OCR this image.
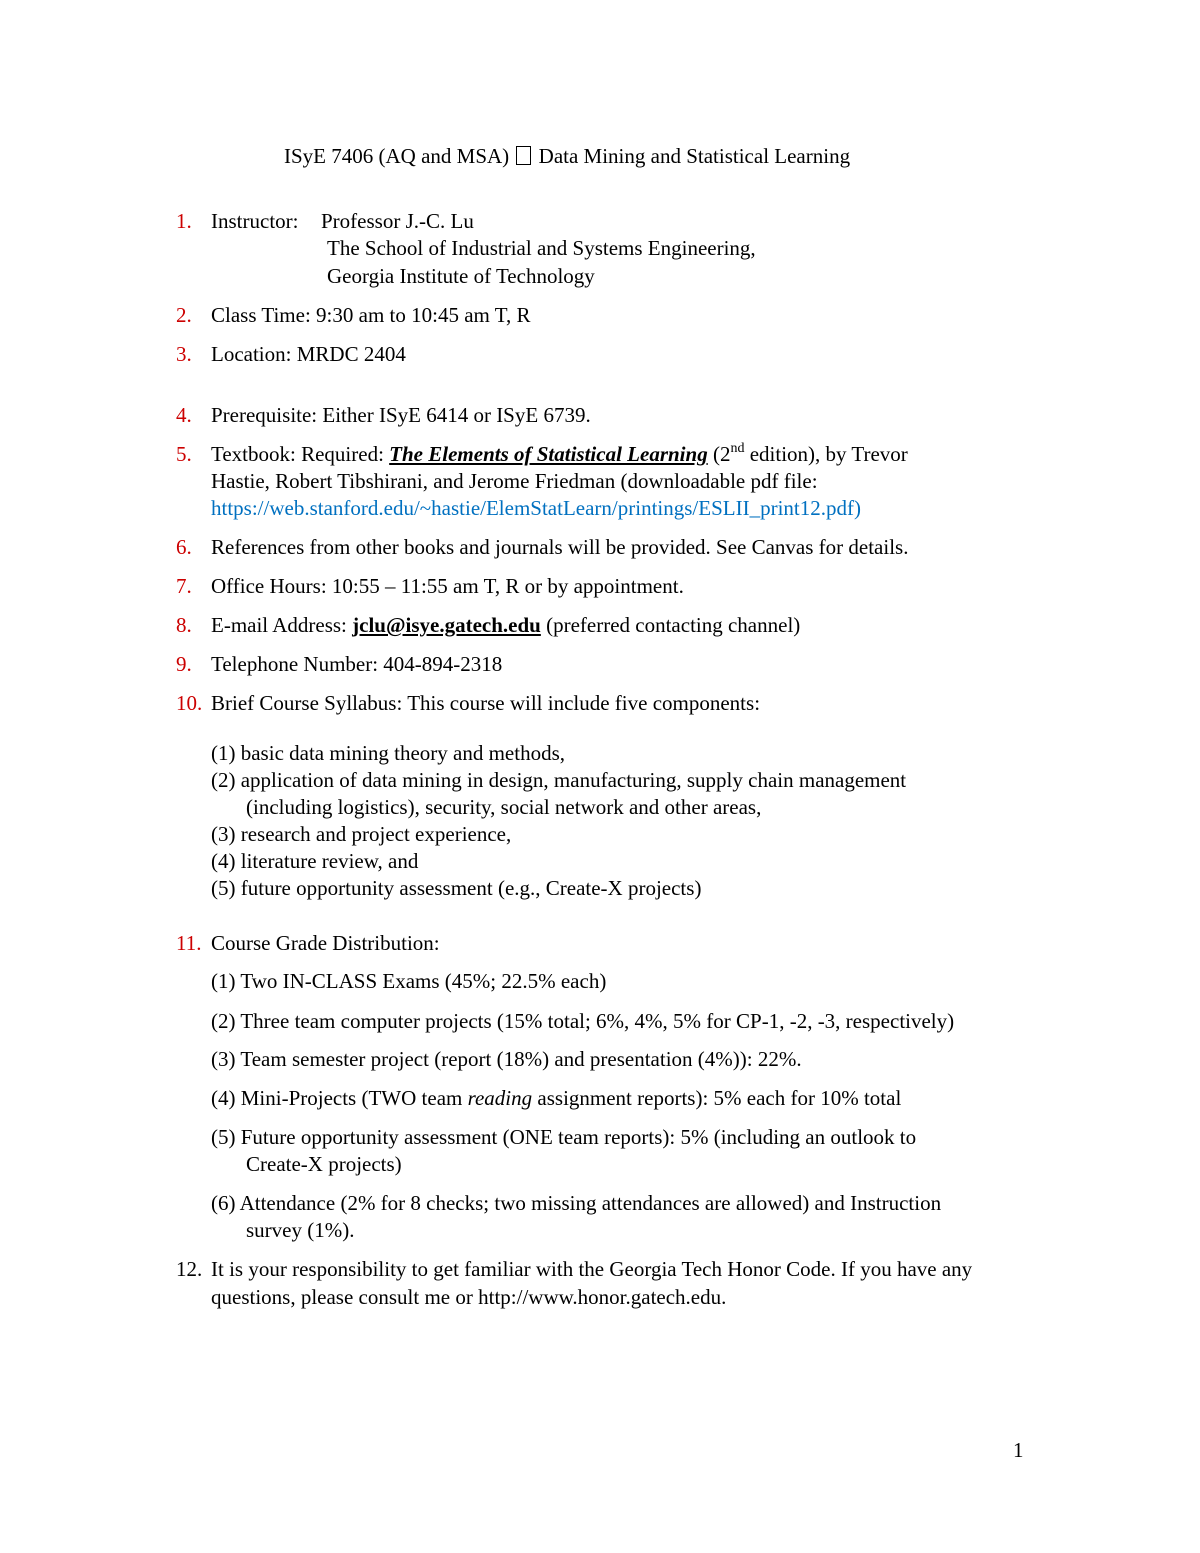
ISyE 7406 (AQ and MSA) Data Mining and Statistical Learning
1. Instructor: Professor J.-C. Lu
The School of Industrial and Systems Engineering,
Georgia Institute of Technology
2. Class Time: 9:30 am to 10:45 am T, R
3. Location: MRDC 2404
4. Prerequisite: Either ISyE 6414 or ISyE 6739.
5. Textbook: Required: The Elements of Statistical Learning (2nd edition), by Trevor
Hastie, Robert Tibshirani, and Jerome Friedman (downloadable pdf file:
https://web.stanford.edu/~hastie/ElemStatLearn/printings/ESLII_print12.pdf)
6. References from other books and journals will be provided. See Canvas for details.
7. Office Hours: 10:55 – 11:55 am T, R or by appointment.
8. E-mail Address: jclu@isye.gatech.edu (preferred contacting channel)
9. Telephone Number: 404-894-2318
10. Brief Course Syllabus: This course will include five components:
(1) basic data mining theory and methods,
(2) application of data mining in design, manufacturing, supply chain management
(including logistics), security, social network and other areas,
(3) research and project experience,
(4) literature review, and
(5) future opportunity assessment (e.g., Create-X projects)
11. Course Grade Distribution:
(1) Two IN-CLASS Exams (45%; 22.5% each)
(2) Three team computer projects (15% total; 6%, 4%, 5% for CP-1, -2, -3, respectively)
(3) Team semester project (report (18%) and presentation (4%)): 22%.
(4) Mini-Projects (TWO team reading assignment reports): 5% each for 10% total
(5) Future opportunity assessment (ONE team reports): 5% (including an outlook to
Create-X projects)
(6) Attendance (2% for 8 checks; two missing attendances are allowed) and Instruction
survey (1%).
12. It is your responsibility to get familiar with the Georgia Tech Honor Code. If you have any
questions, please consult me or http://www.honor.gatech.edu.
1
